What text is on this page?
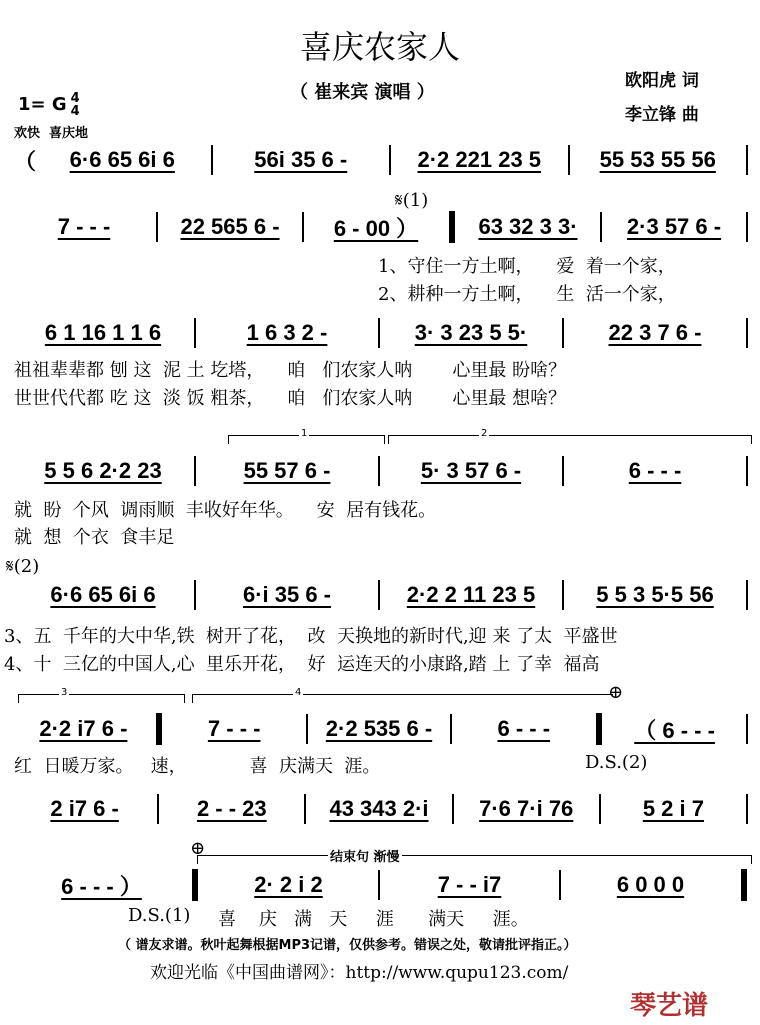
喜庆农家人
（ 崔来宾 演唱 ）
欧阳虎 词
李立锋 曲
1= G 4
4
欢快  喜庆地
（	6·6 65 6i 6	56i 35 6 -	2·2 221 23 5	55 53 55 56
7 - - -	22 565 6 -	6 - 00 ）	63 32 3 3·	2·3 57 6 -
6 1 16 1 1 6	1 6 3 2 -	3· 3 23 5 5·	22 3 7 6 -
5 5 6 2·2 23	55 57 6 -	5· 3 57 6 -	6 - - -
6·6 65 6i 6	6·i 35 6 -	2·2 2 11 23 5	5 5 3 5·5 56
2·2 i7 6 -	7 - - -	2·2 535 6 -	6 - - -	（ 6 - - -
2 i7 6 -	2 - - 23	43 343 2·i	7·6 7·i 76	5 2 i 7
6 - - - ）	2· 2 i 2	7 - - i7	6 0 0 0
𝄋(1)
1、守住一方土啊，    爱  着一个家，
2、耕种一方土啊，    生  活一个家，
祖祖辈辈都 刨 这  泥 土 圪塔，    咱   们农家人呐       心里最 盼啥？
世世代代都 吃 这  淡 饭 粗茶，    咱   们农家人呐       心里最 想啥？
1	2
就  盼  个风  调雨顺  丰收好年华。    安  居有钱花。
就  想  个衣  食丰足
𝄋(2)
3、五  千年的大中华,铁  树开了花，  改  天换地的新时代,迎 来 了太  平盛世
4、十  三亿的中国人,心  里乐开花，  好  运连天的小康路,踏 上 了幸  福高
3	4	⊕
红  日暖万家。   速，           喜  庆满天  涯。	D.S.(2)
⊕	结束句 渐慢
D.S.(1) 喜    庆   满   天     涯      满天     涯。
（ 谱友求谱。秋叶起舞根据MP3记谱，仅供参考。错误之处，敬请批评指正。）
欢迎光临《中国曲谱网》：http://www.qupu123.com/
琴艺谱
